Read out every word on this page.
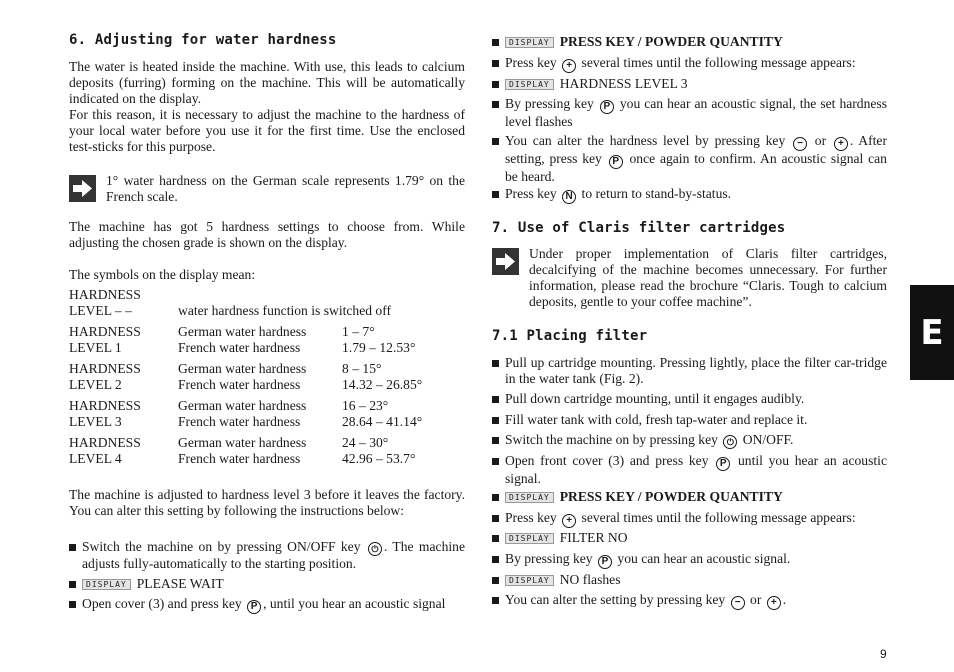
6. Adjusting for water hardness
The water is heated inside the machine. With use, this leads to calcium deposits (furring) forming on the machine. This will be automatically indicated on the display.
For this reason, it is necessary to adjust the machine to the hardness of your local water before you use it for the first time. Use the enclosed test-sticks for this purpose.
1° water hardness on the German scale represents 1.79° on the French scale.
The machine has got 5 hardness settings to choose from. While adjusting the chosen grade is shown on the display.
The symbols on the display mean:
HARDNESS		
LEVEL – –	water hardness function is switched off	
HARDNESS	German water hardness	1 – 7°
LEVEL 1	French water hardness	1.79 – 12.53°
HARDNESS	German water hardness	8 – 15°
LEVEL 2	French water hardness	14.32 – 26.85°
HARDNESS	German water hardness	16 – 23°
LEVEL 3	French water hardness	28.64 – 41.14°
HARDNESS	German water hardness	24 – 30°
LEVEL 4	French water hardness	42.96 – 53.7°
The machine is adjusted to hardness level 3 before it leaves the factory. You can alter this setting by following the instructions below:
Switch the machine on by pressing ON/OFF key ⏻ . The machine adjusts fully-automatically to the starting position.
DISPLAY PLEASE WAIT
Open cover (3) and press key P , until you hear an acoustic signal
DISPLAY PRESS KEY / POWDER QUANTITY
Press key + several times until the following message appears:
DISPLAY HARDNESS LEVEL 3
By pressing key P you can hear an acoustic signal, the set hardness level flashes
You can alter the hardness level by pressing key − or + . After setting, press key P once again to confirm. An acoustic signal can be heard.
Press key N to return to stand-by-status.
7. Use of Claris filter cartridges
Under proper implementation of Claris filter cartridges, decalcifying of the machine becomes unnecessary. For further information, please read the brochure “Claris. Tough to calcium deposits, gentle to your coffee machine”.
7.1 Placing filter
Pull up cartridge mounting. Pressing lightly, place the filter car-tridge in the water tank (Fig. 2).
Pull down cartridge mounting, until it engages audibly.
Fill water tank with cold, fresh tap-water and replace it.
Switch the machine on by pressing key ⏻ ON/OFF.
Open front cover (3) and press key P until you hear an acoustic signal.
DISPLAY PRESS KEY / POWDER QUANTITY
Press key + several times until the following message appears:
DISPLAY FILTER NO
By pressing key P you can hear an acoustic signal.
DISPLAY NO flashes
You can alter the setting by pressing key − or + .
E
9
